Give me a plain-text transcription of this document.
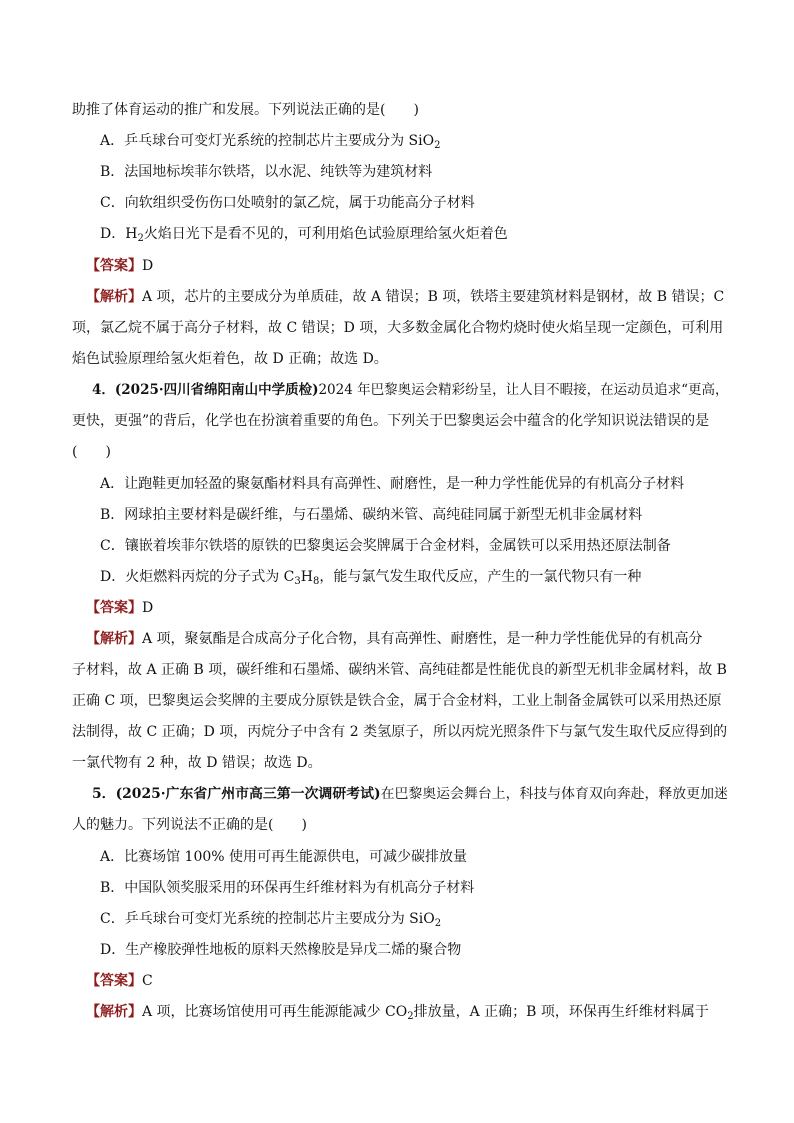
助推了体育运动的推广和发展。下列说法正确的是(　　)
A．乒乓球台可变灯光系统的控制芯片主要成分为 SiO$_2$
B．法国地标埃菲尔铁塔，以水泥、纯铁等为建筑材料
C．向软组织受伤伤口处喷射的氯乙烷，属于功能高分子材料
D．$H_2$火焰日光下是看不见的，可利用焰色试验原理给氢火炬着色
【答案】D
【解析】A 项，芯片的主要成分为单质硅，故 A 错误；B 项，铁塔主要建筑材料是钢材，故 B 错误；C
项，氯乙烷不属于高分子材料，故 C 错误；D 项，大多数金属化合物灼烧时使火焰呈现一定颜色，可利用
焰色试验原理给氢火炬着色，故 D 正确；故选 D。
4．(2025·四川省绵阳南山中学质检)2024 年巴黎奥运会精彩纷呈，让人目不暇接，在运动员追求“更高，
更快，更强”的背后，化学也在扮演着重要的角色。下列关于巴黎奥运会中蕴含的化学知识说法错误的是
(　　)
A．让跑鞋更加轻盈的聚氨酯材料具有高弹性、耐磨性，是一种力学性能优异的有机高分子材料
B．网球拍主要材料是碳纤维，与石墨烯、碳纳米管、高纯硅同属于新型无机非金属材料
C．镶嵌着埃菲尔铁塔的原铁的巴黎奥运会奖牌属于合金材料，金属铁可以采用热还原法制备
D．火炬燃料丙烷的分子式为 $C_3H_8$，能与氯气发生取代反应，产生的一氯代物只有一种
【答案】D
【解析】A 项，聚氨酯是合成高分子化合物，具有高弹性、耐磨性，是一种力学性能优异的有机高分
子材料，故 A 正确 B 项，碳纤维和石墨烯、碳纳米管、高纯硅都是性能优良的新型无机非金属材料，故 B
正确 C 项，巴黎奥运会奖牌的主要成分原铁是铁合金，属于合金材料，工业上制备金属铁可以采用热还原
法制得，故 C 正确；D 项，丙烷分子中含有 2 类氢原子，所以丙烷光照条件下与氯气发生取代反应得到的
一氯代物有 2 种，故 D 错误；故选 D。
5．(2025·广东省广州市高三第一次调研考试)在巴黎奥运会舞台上，科技与体育双向奔赴，释放更加迷
人的魅力。下列说法不正确的是(　　)
A．比赛场馆 100% 使用可再生能源供电，可减少碳排放量
B．中国队领奖服采用的环保再生纤维材料为有机高分子材料
C．乒乓球台可变灯光系统的控制芯片主要成分为 SiO$_2$
D．生产橡胶弹性地板的原料天然橡胶是异戊二烯的聚合物
【答案】C
【解析】A 项，比赛场馆使用可再生能源能减少 $CO_2$排放量，A 正确；B 项，环保再生纤维材料属于
